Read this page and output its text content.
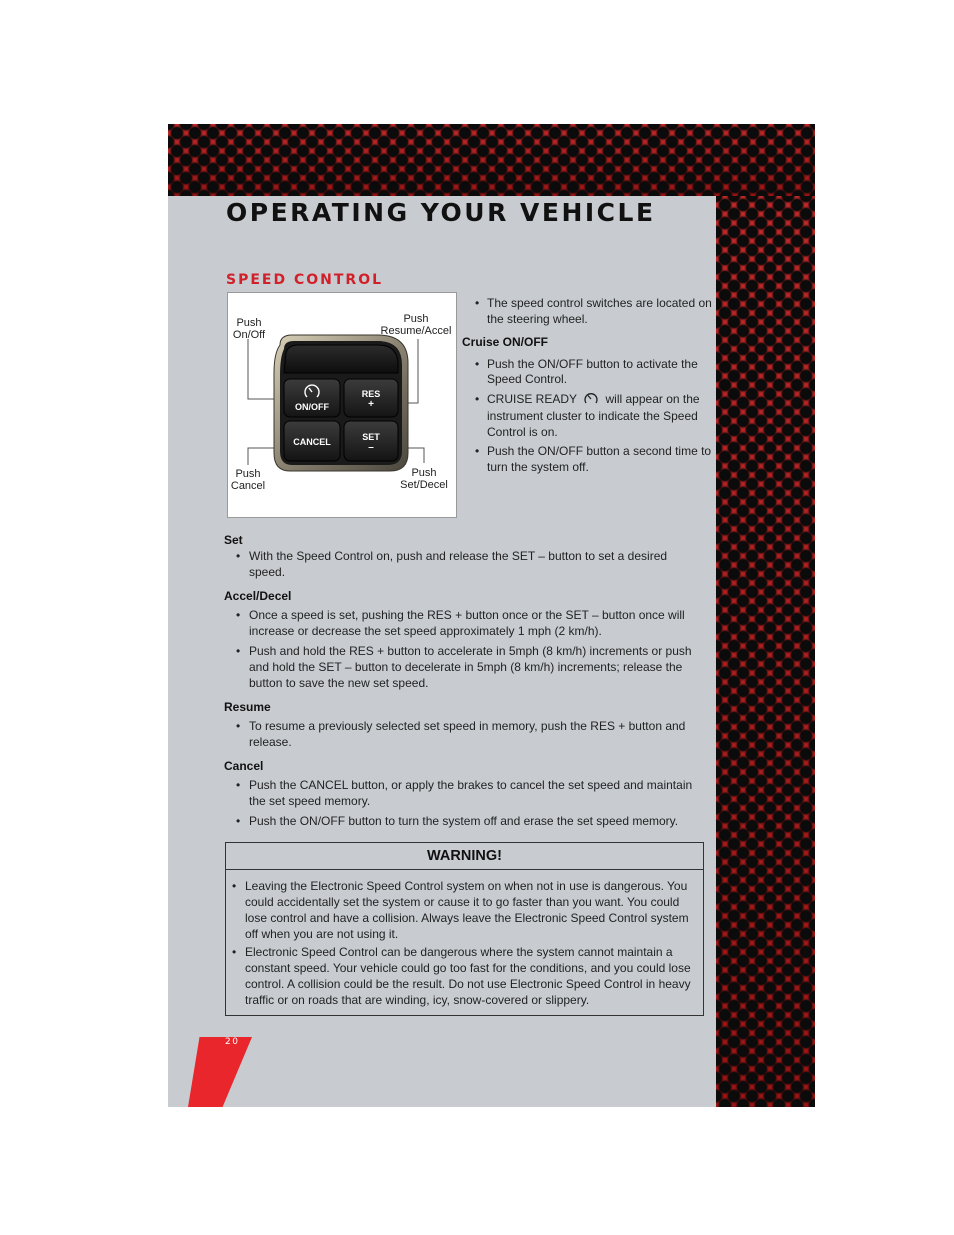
OPERATING YOUR VEHICLE
SPEED CONTROL
ON/OFF
RES
+
CANCEL	SET
–
Push
On/Off
Push
Resume/Accel
Push
Cancel
Push
Set/Decel
• The speed control switches are located on the steering wheel.
Cruise ON/OFF
• Push the ON/OFF button to activate the Speed Control.
• CRUISE READY will appear on the instrument cluster to indicate the Speed Control is on.
• Push the ON/OFF button a second time to turn the system off.
Set
• With the Speed Control on, push and release the SET – button to set a desired speed.
Accel/Decel
• Once a speed is set, pushing the RES + button once or the SET – button once will increase or decrease the set speed approximately 1 mph (2 km/h).
• Push and hold the RES + button to accelerate in 5mph (8 km/h) increments or push and hold the SET – button to decelerate in 5mph (8 km/h) increments; release the button to save the new set speed.
Resume
• To resume a previously selected set speed in memory, push the RES + button and release.
Cancel
• Push the CANCEL button, or apply the brakes to cancel the set speed and maintain the set speed memory.
• Push the ON/OFF button to turn the system off and erase the set speed memory.
WARNING!
• Leaving the Electronic Speed Control system on when not in use is dangerous. You could accidentally set the system or cause it to go faster than you want. You could lose control and have a collision. Always leave the Electronic Speed Control system off when you are not using it.
• Electronic Speed Control can be dangerous where the system cannot maintain a constant speed. Your vehicle could go too fast for the conditions, and you could lose control. A collision could be the result. Do not use Electronic Speed Control in heavy traffic or on roads that are winding, icy, snow-covered or slippery.
20
